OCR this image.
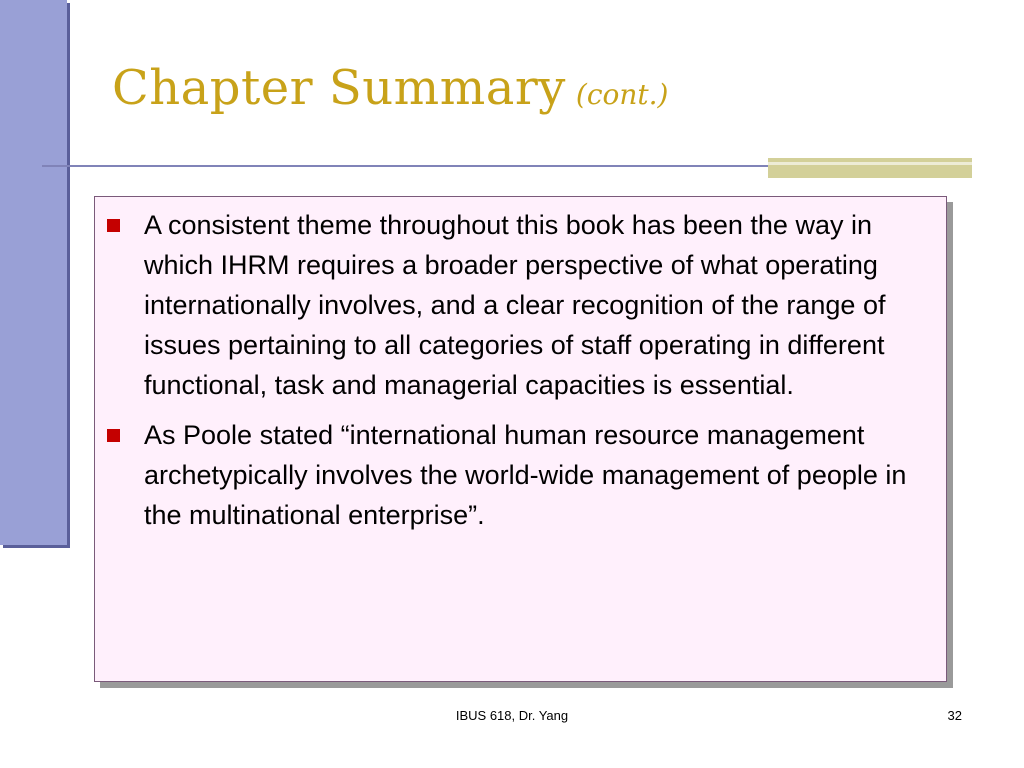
Chapter Summary (cont.)
A consistent theme throughout this book has been the way in which IHRM requires a broader perspective of what operating internationally involves, and a clear recognition of the range of issues pertaining to all categories of staff operating in different functional, task and managerial capacities is essential.
As Poole stated “international human resource management archetypically involves the world-wide management of people in the multinational enterprise”.
IBUS 618, Dr. Yang	32
